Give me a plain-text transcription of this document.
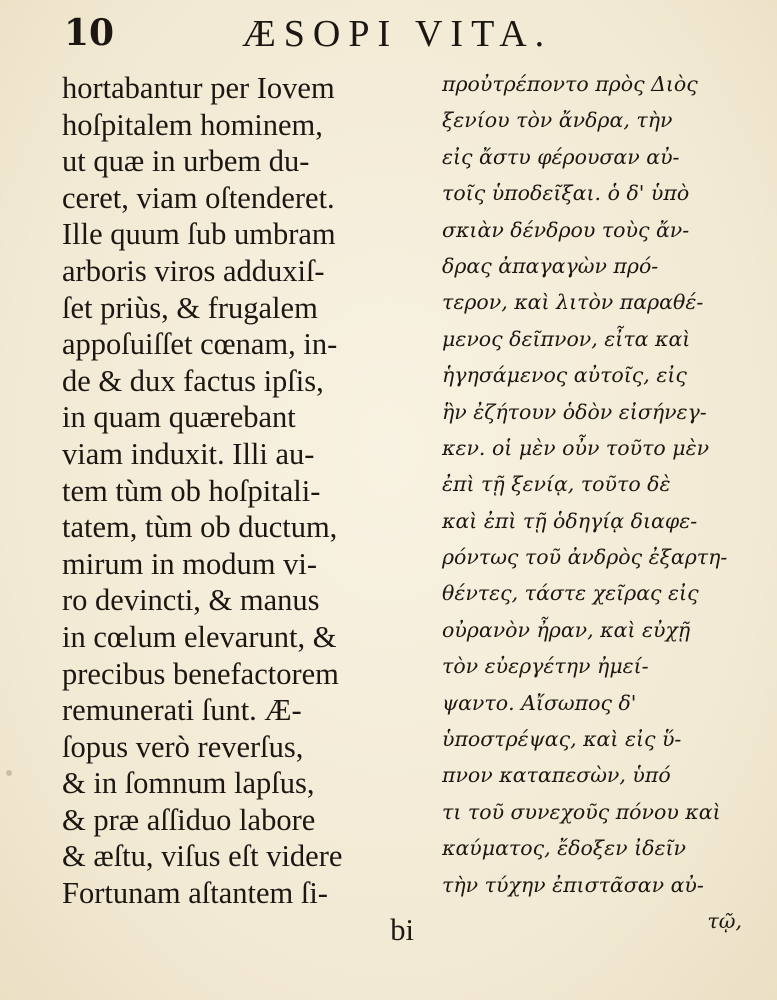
10	ÆSOPI VITA.
hortabantur per Iovem
hoſpitalem hominem,
ut quæ in urbem du-
ceret, viam oſtenderet.
Ille quum ſub umbram
arboris viros adduxiſ-
ſet priùs, & frugalem
appoſuiſſet cœnam, in-
de & dux factus ipſis,
in quam quærebant
viam induxit. Illi au-
tem tùm ob hoſpitali-
tatem, tùm ob ductum,
mirum in modum vi-
ro devincti, & manus
in cœlum elevarunt, &
precibus benefactorem
remunerati ſunt. Æ-
ſopus verò reverſus,
& in ſomnum lapſus,
& præ aſſiduo labore
& æſtu, viſus eſt videre
Fortunam aſtantem ſi-
bi
προὐτρέποντο πρὸς Διὸς
ξενίου τὸν ἄνδρα, τὴν
εἰς ἄστυ φέρουσαν αὐ-
τοῖς ὑποδεῖξαι. ὁ δ' ὑπὸ
σκιὰν δένδρου τοὺς ἄν-
δρας ἀπαγαγὼν πρό-
τερον, καὶ λιτὸν παραθέ-
μενος δεῖπνον, εἶτα καὶ
ἡγησάμενος αὐτοῖς, εἰς
ἣν ἐζήτουν ὁδὸν εἰσήνεγ-
κεν. οἱ μὲν οὖν τοῦτο μὲν
ἐπὶ τῇ ξενίᾳ, τοῦτο δὲ
καὶ ἐπὶ τῇ ὁδηγίᾳ διαφε-
ρόντως τοῦ ἀνδρὸς ἐξαρτη-
θέντες, τάστε χεῖρας εἰς
οὐρανὸν ἦραν, καὶ εὐχῇ
τὸν εὐεργέτην ἠμεί-
ψαντο. Αἴσωπος δ'
ὑποστρέψας, καὶ εἰς ὕ-
πνον καταπεσὼν, ὑπό
τι τοῦ συνεχοῦς πόνου καὶ
καύματος, ἔδοξεν ἰδεῖν
τὴν τύχην ἐπιστᾶσαν αὐ-
τῷ,
